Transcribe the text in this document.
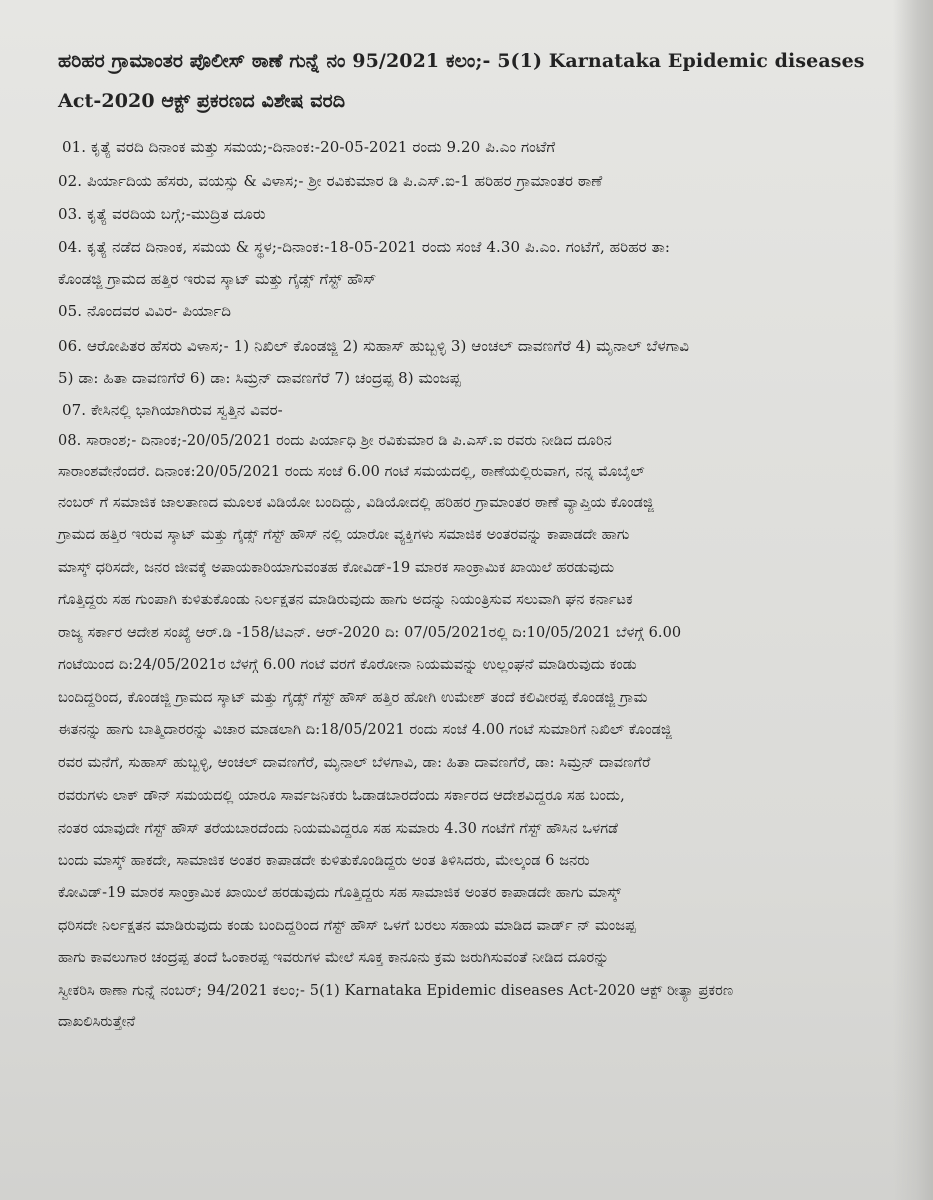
ಹರಿಹರ ಗ್ರಾಮಾಂತರ ಪೊಲೀಸ್ ಠಾಣೆ ಗುನ್ನೆ ನಂ 95/2021 ಕಲಂ;- 5(1) Karnataka Epidemic diseases
Act-2020 ಆಕ್ಟ್ ಪ್ರಕರಣದ ವಿಶೇಷ ವರದಿ
01. ಕೃತ್ಯೆ ವರದಿ ದಿನಾಂಕ ಮತ್ತು ಸಮಯ;-ದಿನಾಂಕ:-20-05-2021 ರಂದು 9.20 ಪಿ.ಎಂ ಗಂಟೆಗೆ
02. ಪಿರ್ಯಾದಿಯ ಹೆಸರು, ವಯಸ್ಸು & ವಿಳಾಸ;- ಶ್ರೀ ರವಿಕುಮಾರ ಡಿ ಪಿ.ಎಸ್.ಐ-1 ಹರಿಹರ ಗ್ರಾಮಾಂತರ ಠಾಣೆ
03. ಕೃತ್ಯೆ ವರದಿಯ ಬಗ್ಗೆ;-ಮುದ್ರಿತ ದೂರು
04. ಕೃತ್ಯೆ ನಡೆದ ದಿನಾಂಕ, ಸಮಯ & ಸ್ಥಳ;-ದಿನಾಂಕ:-18-05-2021 ರಂದು ಸಂಜೆ 4.30 ಪಿ.ಎಂ. ಗಂಟೆಗೆ, ಹರಿಹರ ತಾ:
ಕೊಂಡಜ್ಜಿ ಗ್ರಾಮದ ಹತ್ತಿರ ಇರುವ ಸ್ಕಾಟ್ ಮತ್ತು ಗೈಡ್ಸ್ ಗೆಸ್ಟ್ ಹೌಸ್
05. ನೊಂದವರ ವಿವಿರ- ಪಿರ್ಯಾದಿ
06. ಆರೋಪಿತರ ಹೆಸರು ವಿಳಾಸ;- 1) ನಿಖಿಲ್ ಕೊಂಡಜ್ಜಿ 2) ಸುಹಾಸ್ ಹುಬ್ಬಳ್ಳಿ 3) ಆಂಚಲ್ ದಾವಣಗೆರೆ 4) ಮೃನಾಲ್ ಬೆಳಗಾವಿ
5) ಡಾ: ಹಿತಾ ದಾವಣಗೆರೆ 6) ಡಾ: ಸಿಮ್ರನ್ ದಾವಣಗೆರೆ 7) ಚಂದ್ರಪ್ಪ 8) ಮಂಜಪ್ಪ
07. ಕೇಸಿನಲ್ಲಿ ಭಾಗಿಯಾಗಿರುವ ಸ್ವತ್ತಿನ ವಿವರ-
08. ಸಾರಾಂಶ;- ದಿನಾಂಕ;-20/05/2021 ರಂದು ಪಿರ್ಯಾಧಿ ಶ್ರೀ ರವಿಕುಮಾರ ಡಿ ಪಿ.ಎಸ್.ಐ ರವರು ನೀಡಿದ ದೂರಿನ
ಸಾರಾಂಶವೇನೆಂದರೆ. ದಿನಾಂಕ:20/05/2021 ರಂದು ಸಂಜೆ 6.00 ಗಂಟೆ ಸಮಯದಲ್ಲಿ, ಠಾಣೆಯಲ್ಲಿರುವಾಗ, ನನ್ನ ಮೊಬೈಲ್
ನಂಬರ್ ಗೆ ಸಮಾಜಿಕ ಜಾಲತಾಣದ ಮೂಲಕ ವಿಡಿಯೋ ಬಂದಿದ್ದು, ವಿಡಿಯೋದಲ್ಲಿ ಹರಿಹರ ಗ್ರಾಮಾಂತರ ಠಾಣೆ ವ್ಯಾಪ್ತಿಯ ಕೊಂಡಜ್ಜಿ
ಗ್ರಾಮದ ಹತ್ತಿರ ಇರುವ ಸ್ಕಾಟ್ ಮತ್ತು ಗೈಡ್ಸ್ ಗೆಸ್ಟ್ ಹೌಸ್ ನಲ್ಲಿ ಯಾರೋ ವ್ಯಕ್ತಿಗಳು ಸಮಾಜಿಕ ಅಂತರವನ್ನು ಕಾಪಾಡದೇ ಹಾಗು
ಮಾಸ್ಕ್ ಧರಿಸದೇ, ಜನರ ಜೀವಕ್ಕೆ ಅಪಾಯಕಾರಿಯಾಗುವಂತಹ ಕೋವಿಡ್-19 ಮಾರಕ ಸಾಂಕ್ರಾಮಿಕ ಖಾಯಿಲೆ ಹರಡುವುದು
ಗೊತ್ತಿದ್ದರು ಸಹ ಗುಂಪಾಗಿ ಕುಳಿತುಕೊಂಡು ನಿರ್ಲಕ್ಷತನ ಮಾಡಿರುವುದು ಹಾಗು ಅದನ್ನು ನಿಯಂತ್ರಿಸುವ ಸಲುವಾಗಿ ಘನ ಕರ್ನಾಟಕ
ರಾಜ್ಯ ಸರ್ಕಾರ ಆದೇಶ ಸಂಖ್ಯೆ ಆರ್.ಡಿ -158/ಟಿಎನ್. ಆರ್-2020 ದಿ: 07/05/2021ರಲ್ಲಿ ದಿ:10/05/2021 ಬೆಳಗ್ಗೆ 6.00
ಗಂಟೆಯಿಂದ ದಿ:24/05/2021ರ ಬೆಳಗ್ಗೆ 6.00 ಗಂಟೆ ವರಗೆ ಕೊರೋನಾ ನಿಯಮವನ್ನು ಉಲ್ಲಂಘನೆ ಮಾಡಿರುವುದು ಕಂಡು
ಬಂದಿದ್ದರಿಂದ, ಕೊಂಡಜ್ಜಿ ಗ್ರಾಮದ ಸ್ಕಾಟ್ ಮತ್ತು ಗೈಡ್ಸ್ ಗೆಸ್ಟ್ ಹೌಸ್ ಹತ್ತಿರ ಹೋಗಿ ಉಮೇಶ್ ತಂದೆ ಕಲಿವೀರಪ್ಪ ಕೊಂಡಜ್ಜಿ ಗ್ರಾಮ
ಈತನನ್ನು ಹಾಗು ಬಾತ್ಮಿದಾರರನ್ನು ವಿಚಾರ ಮಾಡಲಾಗಿ ದಿ:18/05/2021 ರಂದು ಸಂಜೆ 4.00 ಗಂಟೆ ಸುಮಾರಿಗೆ ನಿಖಿಲ್ ಕೊಂಡಜ್ಜಿ
ರವರ ಮನೆಗೆ, ಸುಹಾಸ್ ಹುಬ್ಬಳ್ಳಿ, ಆಂಚಲ್ ದಾವಣಗೆರೆ, ಮೃನಾಲ್ ಬೆಳಗಾವಿ, ಡಾ: ಹಿತಾ ದಾವಣಗೆರೆ, ಡಾ: ಸಿಮ್ರನ್ ದಾವಣಗೆರೆ
ರವರುಗಳು ಲಾಕ್ ಡೌನ್ ಸಮಯದಲ್ಲಿ ಯಾರೂ ಸಾರ್ವಜನಿಕರು ಓಡಾಡಬಾರದೆಂದು ಸರ್ಕಾರದ ಆದೇಶವಿದ್ದರೂ ಸಹ ಬಂದು,
ನಂತರ ಯಾವುದೇ ಗೆಸ್ಟ್ ಹೌಸ್ ತರೆಯಬಾರದೆಂದು ನಿಯಮವಿದ್ದರೂ ಸಹ ಸುಮಾರು 4.30 ಗಂಟೆಗೆ ಗೆಸ್ಟ್ ಹೌಸಿನ ಒಳಗಡೆ
ಬಂದು ಮಾಸ್ಕ್ ಹಾಕದೇ, ಸಾಮಾಜಿಕ ಅಂತರ ಕಾಪಾಡದೇ ಕುಳಿತುಕೊಂಡಿದ್ದರು ಅಂತ ತಿಳಿಸಿದರು, ಮೇಲ್ಕಂಡ 6 ಜನರು
ಕೋವಿಡ್-19 ಮಾರಕ ಸಾಂಕ್ರಾಮಿಕ ಖಾಯಿಲೆ ಹರಡುವುದು ಗೊತ್ತಿದ್ದರು ಸಹ ಸಾಮಾಜಿಕ ಅಂತರ ಕಾಪಾಡದೇ ಹಾಗು ಮಾಸ್ಕ್
ಧರಿಸದೇ ನಿರ್ಲಕ್ಷತನ ಮಾಡಿರುವುದು ಕಂಡು ಬಂದಿದ್ದರಿಂದ ಗೆಸ್ಟ್ ಹೌಸ್ ಒಳಗೆ ಬರಲು ಸಹಾಯ ಮಾಡಿದ ವಾರ್ಡ್ ನ್ ಮಂಜಪ್ಪ
ಹಾಗು ಕಾವಲುಗಾರ ಚಂದ್ರಪ್ಪ ತಂದೆ ಓಂಕಾರಪ್ಪ ಇವರುಗಳ ಮೇಲೆ ಸೂಕ್ತ ಕಾನೂನು ಕ್ರಮ ಜರುಗಿಸುವಂತೆ ನೀಡಿದ ದೂರನ್ನು
ಸ್ವೀಕರಿಸಿ ಠಾಣಾ ಗುನ್ನೆ ನಂಬರ್; 94/2021 ಕಲಂ;- 5(1) Karnataka Epidemic diseases Act-2020 ಆಕ್ಟ್ ರೀತ್ಯಾ ಪ್ರಕರಣ
ದಾಖಲಿಸಿರುತ್ತೇನೆ
